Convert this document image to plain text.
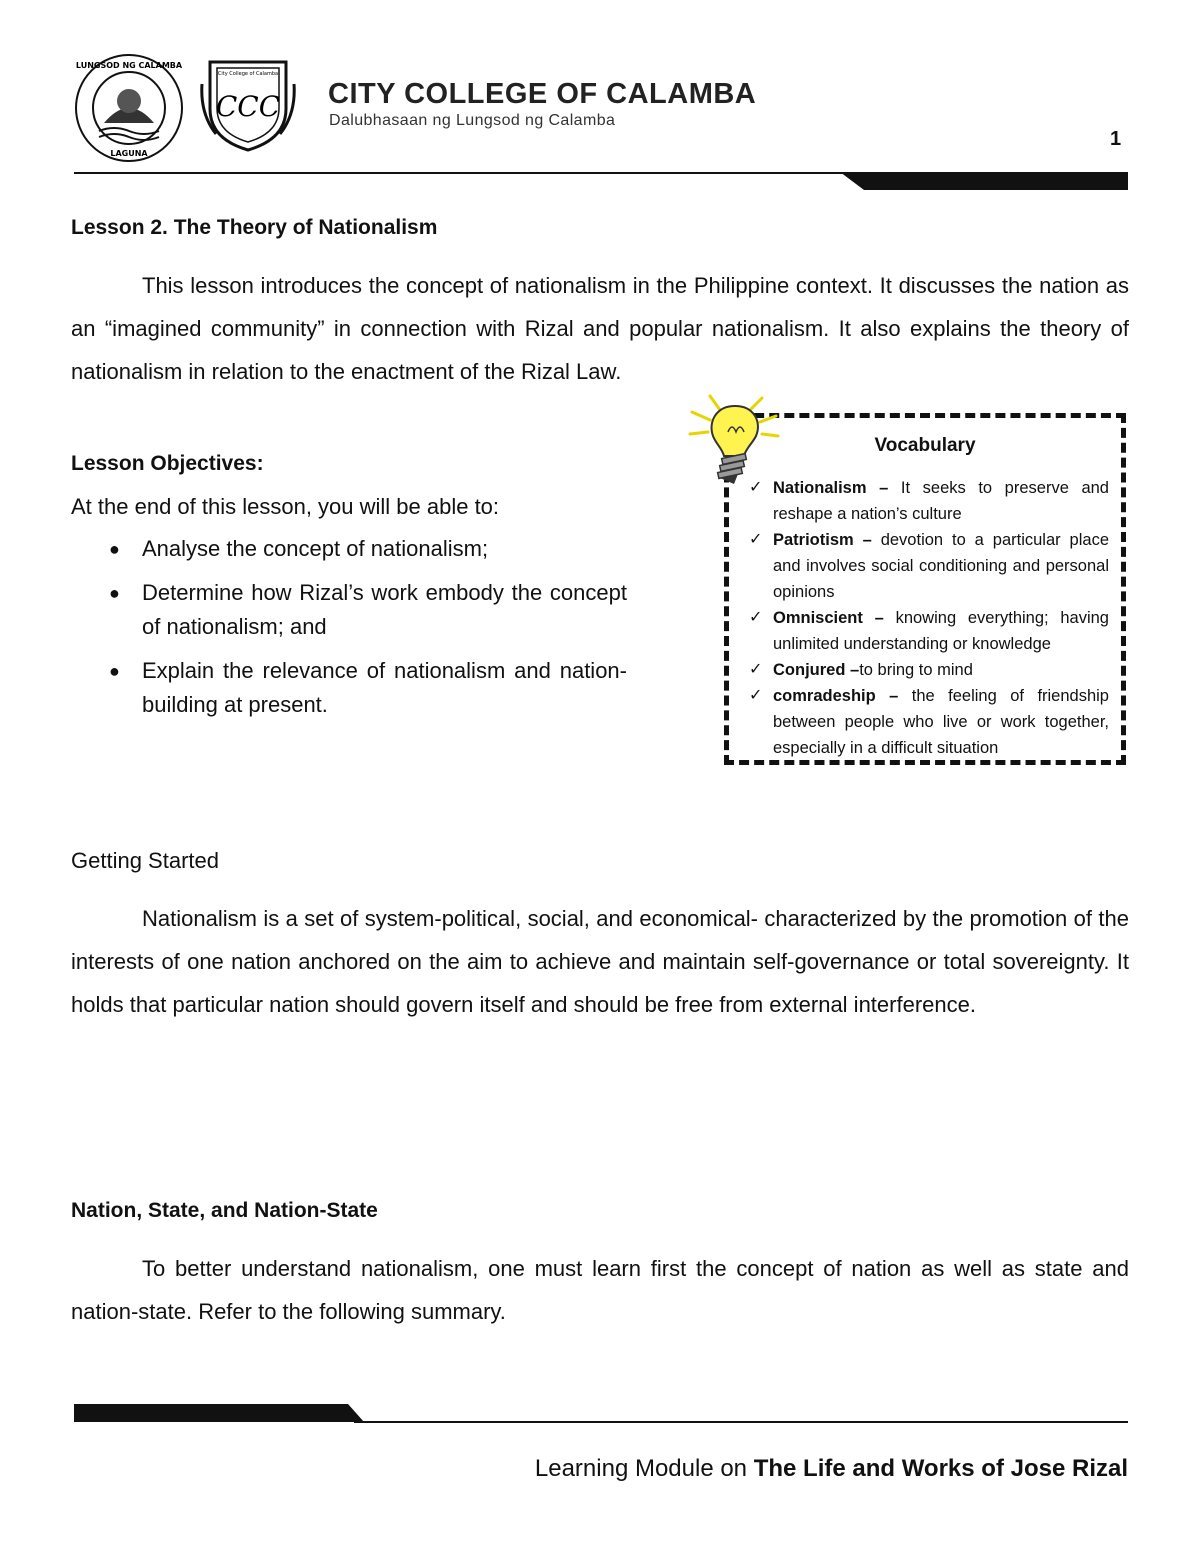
LUNGSOD NG CALAMBA
LAGUNA
City College of Calamba
CCC CITY COLLEGE OF CALAMBA
Dalubhasaan ng Lungsod ng Calamba
1
Lesson 2. The Theory of Nationalism
This lesson introduces the concept of nationalism in the Philippine context. It discusses the nation as an “imagined community” in connection with Rizal and popular nationalism. It also explains the theory of nationalism in relation to the enactment of the Rizal Law.
Lesson Objectives:
At the end of this lesson, you will be able to:
● Analyse the concept of nationalism;
● Determine how Rizal’s work embody the concept of nationalism; and
● Explain the relevance of nationalism and nation-building at present.
Vocabulary
✓ Nationalism – It seeks to preserve and reshape a nation’s culture
✓ Patriotism – devotion to a particular place and involves social conditioning and personal opinions
✓ Omniscient – knowing everything; having unlimited understanding or knowledge
✓ Conjured –to bring to mind
✓ comradeship – the feeling of friendship between people who live or work together, especially in a difficult situation
Getting Started
Nationalism is a set of system-political, social, and economical- characterized by the promotion of the interests of one nation anchored on the aim to achieve and maintain self-governance or total sovereignty. It holds that particular nation should govern itself and should be free from external interference.
Nation, State, and Nation-State
To better understand nationalism, one must learn first the concept of nation as well as state and nation-state. Refer to the following summary.
Learning Module on The Life and Works of Jose Rizal
